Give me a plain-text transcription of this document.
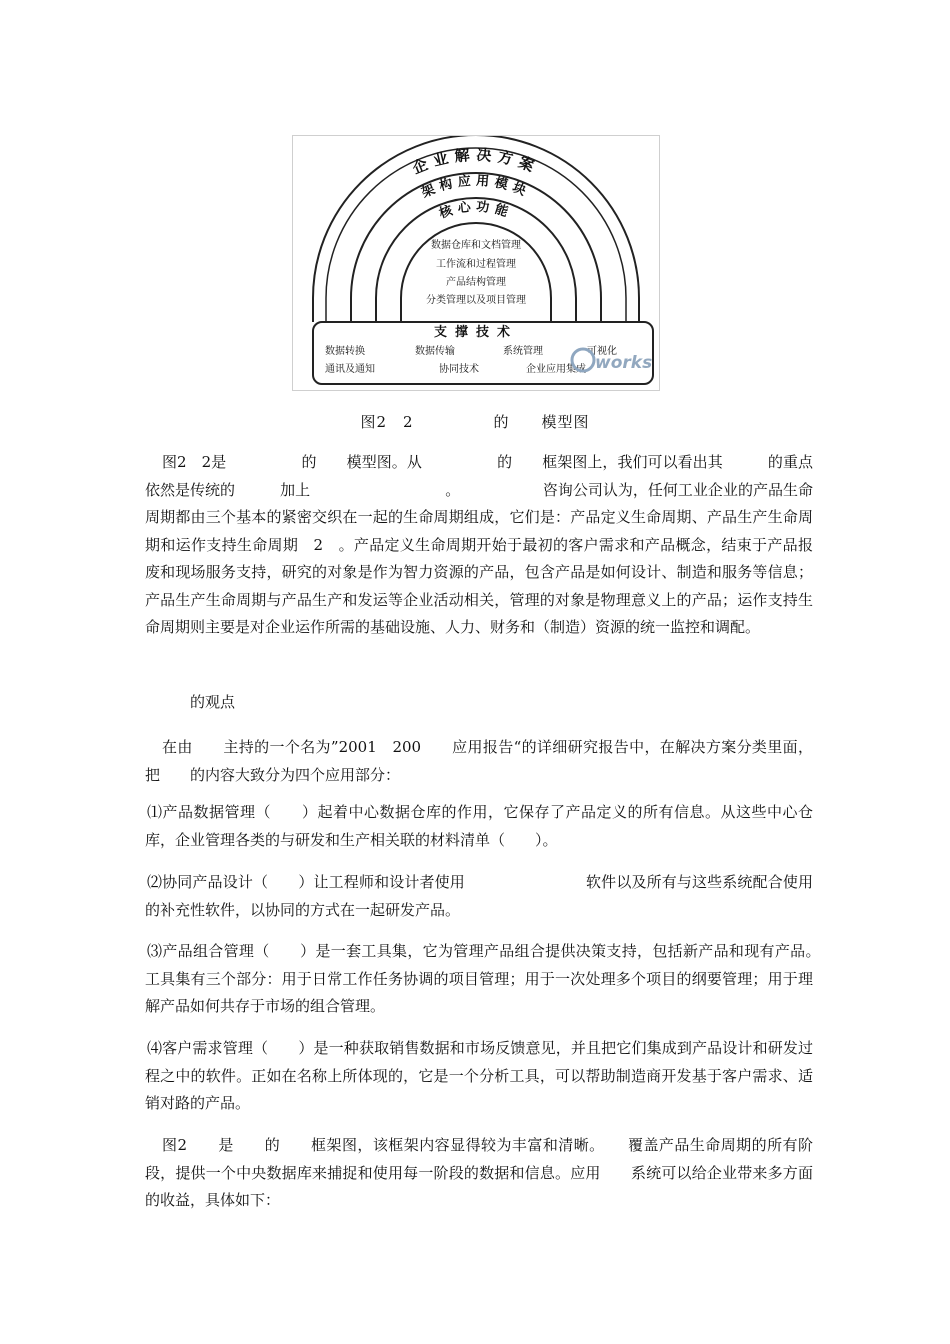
企业解决方案
架构应用模块
核心功能
数据仓库和文档管理
工作流和过程管理
产品结构管理
分类管理以及项目管理
支撑技术
数据转换	数据传输	系统管理	可视化
通讯及通知	协同技术	企业应用集成 works
图2　2　　　　　的　　模型图

图2　2是　　　　　的　　模型图。从　　　　　的　　框架图上，我们可以看出其　　　的重点依然是传统的　　　加上　　　　　　　　　。　　　　　　咨询公司认为，任何工业企业的产品生命周期都由三个基本的紧密交织在一起的生命周期组成，它们是：产品定义生命周期、产品生产生命周期和运作支持生命周期　2　。产品定义生命周期开始于最初的客户需求和产品概念，结束于产品报废和现场服务支持，研究的对象是作为智力资源的产品，包含产品是如何设计、制造和服务等信息；产品生产生命周期与产品生产和发运等企业活动相关，管理的对象是物理意义上的产品；运作支持生命周期则主要是对企业运作所需的基础设施、人力、财务和（制造）资源的统一监控和调配。

　　的观点

在由　　主持的一个名为”2001　200　　应用报告“的详细研究报告中，在解决方案分类里面，把　　的内容大致分为四个应用部分：

⑴产品数据管理（　　）起着中心数据仓库的作用，它保存了产品定义的所有信息。从这些中心仓库，企业管理各类的与研发和生产相关联的材料清单（　　）。

⑵协同产品设计（　　）让工程师和设计者使用　　　　　　　　软件以及所有与这些系统配合使用的补充性软件，以协同的方式在一起研发产品。

⑶产品组合管理（　　）是一套工具集，它为管理产品组合提供决策支持，包括新产品和现有产品。　　工具集有三个部分：用于日常工作任务协调的项目管理；用于一次处理多个项目的纲要管理；用于理解产品如何共存于市场的组合管理。

⑷客户需求管理（　　）是一种获取销售数据和市场反馈意见，并且把它们集成到产品设计和研发过程之中的软件。正如在名称上所体现的，它是一个分析工具，可以帮助制造商开发基于客户需求、适销对路的产品。

图2　　是　　的　　框架图，该框架内容显得较为丰富和清晰。　　覆盖产品生命周期的所有阶段，提供一个中央数据库来捕捉和使用每一阶段的数据和信息。应用　　系统可以给企业带来多方面的收益，具体如下：
